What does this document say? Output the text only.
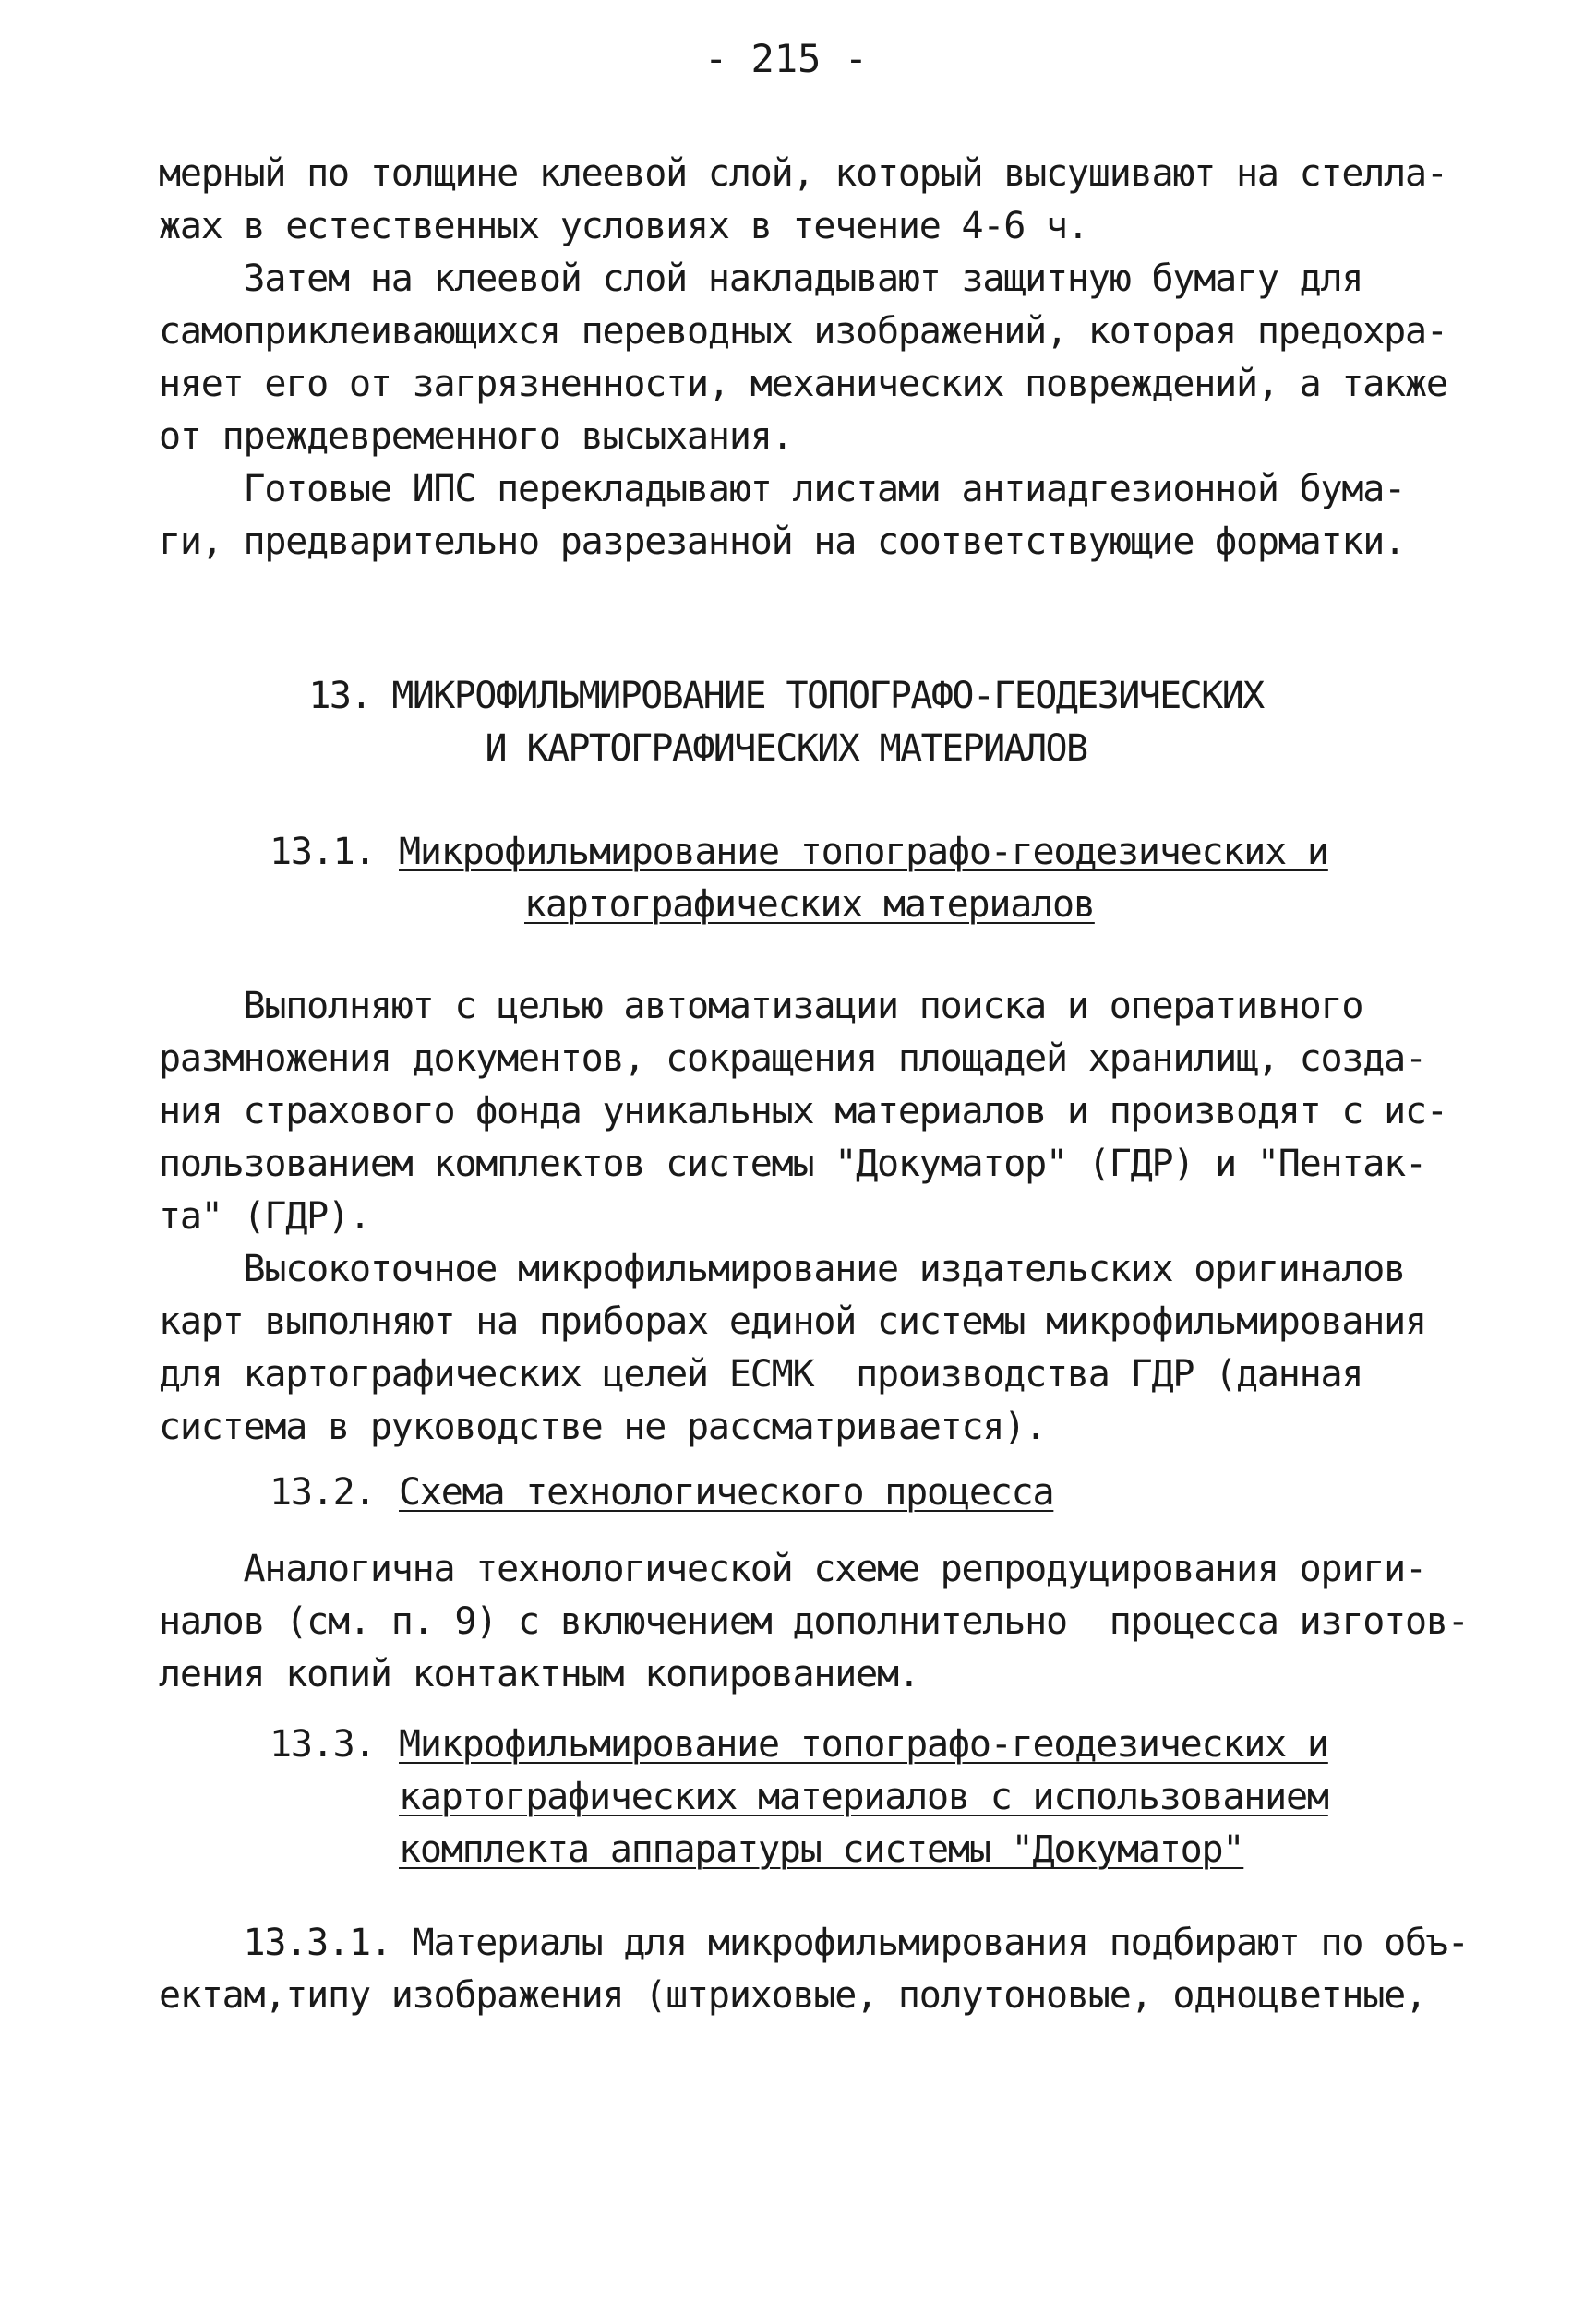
- 215 -
мерный по толщине клеевой слой, который высушивают на стелла-
жах в естественных условиях в течение 4-6 ч.
Затем на клеевой слой накладывают защитную бумагу для
самоприклеивающихся переводных изображений, которая предохра-
няет его от загрязненности, механических повреждений, а также
от преждевременного высыхания.
Готовые ИПС перекладывают листами антиадгезионной бума-
ги, предварительно разрезанной на соответствующие форматки.
13. МИКРОФИЛЬМИРОВАНИЕ ТОПОГРАФО-ГЕОДЕЗИЧЕСКИХ
И КАРТОГРАФИЧЕСКИХ МАТЕРИАЛОВ
13.1. Микрофильмирование топографо-геодезических и
картографических материалов
Выполняют с целью автоматизации поиска и оперативного
размножения документов, сокращения площадей хранилищ, созда-
ния страхового фонда уникальных материалов и производят с ис-
пользованием комплектов системы "Докуматор" (ГДР) и "Пентак-
та" (ГДР).
Высокоточное микрофильмирование издательских оригиналов
карт выполняют на приборах единой системы микрофильмирования
для картографических целей ЕСМК  производства ГДР (данная
система в руководстве не рассматривается).
13.2. Схема технологического процесса
Аналогична технологической схеме репродуцирования ориги-
налов (см. п. 9) с включением дополнительно  процесса изготов-
ления копий контактным копированием.
13.3. Микрофильмирование топографо-геодезических и
картографических материалов с использованием
комплекта аппаратуры системы "Докуматор"
13.3.1. Материалы для микрофильмирования подбирают по объ-
ектам,типу изображения (штриховые, полутоновые, одноцветные,
